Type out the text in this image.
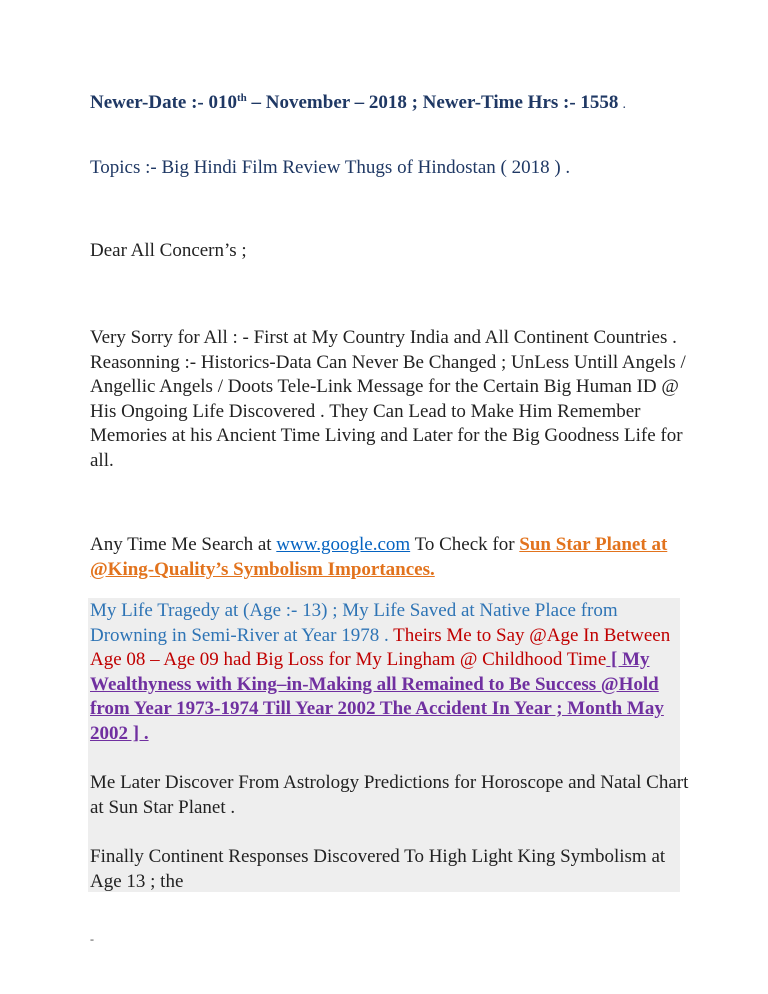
Newer-Date :- 010th – November – 2018 ; Newer-Time Hrs :- 1558 .

Topics :- Big Hindi Film Review Thugs of Hindostan ( 2018 ) .

Dear All Concern’s ;

Very Sorry for All : - First at My Country India and All Continent Countries . Reasonning :- Historics-Data Can Never Be Changed ; UnLess Untill Angels / Angellic Angels / Doots Tele-Link Message for the Certain Big Human ID @ His Ongoing Life Discovered . They Can Lead to Make Him Remember Memories at his Ancient Time Living and Later for the Big Goodness Life for all.

Any Time Me Search at www.google.com To Check for Sun Star Planet at @King-Quality’s Symbolism Importances.

My Life Tragedy at (Age :- 13) ; My Life Saved at Native Place from Drowning in Semi-River at Year 1978 . Theirs Me to Say @Age In Between Age 08 – Age 09 had Big Loss for My Lingham @ Childhood Time [ My Wealthyness with King–in-Making all Remained to Be Success @Hold from Year 1973-1974 Till Year 2002 The Accident In Year ; Month May 2002 ] .

Me Later Discover From Astrology Predictions for Horoscope and Natal Chart at Sun Star Planet .

Finally Continent Responses Discovered To High Light King Symbolism at Age 13 ; the

-
